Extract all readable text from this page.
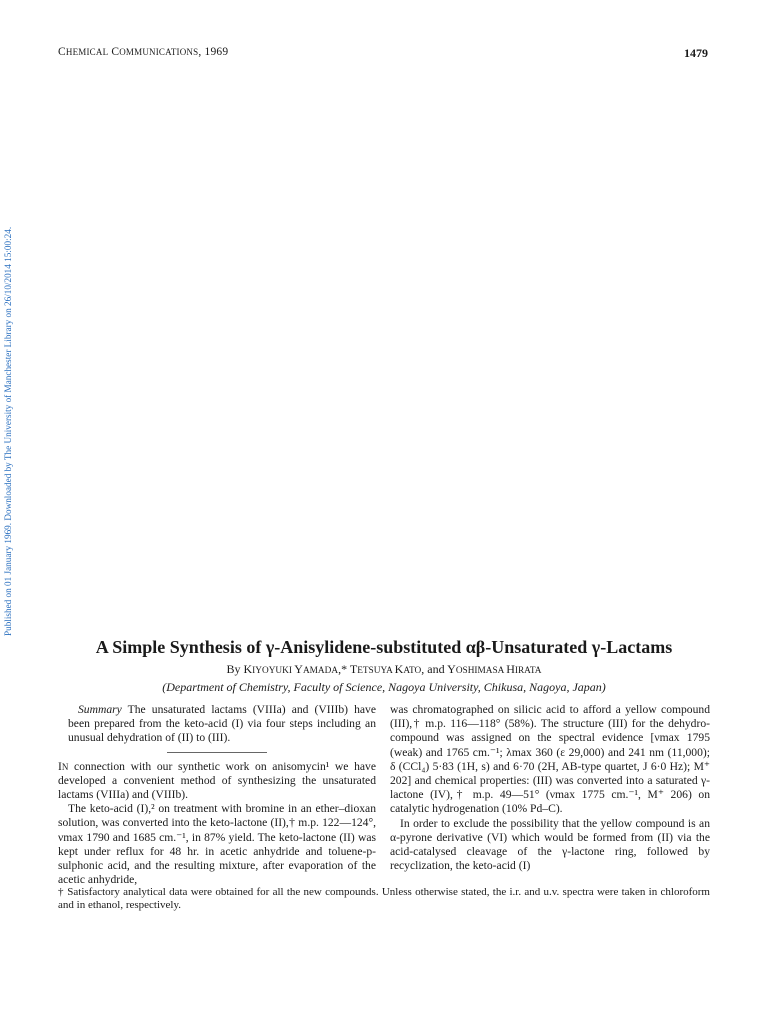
CHEMICAL COMMUNICATIONS, 1969	1479
Published on 01 January 1969. Downloaded by The University of Manchester Library on 26/10/2014 15:00:24.
A Simple Synthesis of γ-Anisylidene-substituted αβ-Unsaturated γ-Lactams
By KIYOYUKI YAMADA,* TETSUYA KATO, and YOSHIMASA HIRATA
(Department of Chemistry, Faculty of Science, Nagoya University, Chikusa, Nagoya, Japan)

Summary The unsaturated lactams (VIIIa) and (VIIIb) have been prepared from the keto-acid (I) via four steps including an unusual dehydration of (II) to (III).

IN connection with our synthetic work on anisomycin¹ we have developed a convenient method of synthesizing the unsaturated lactams (VIIIa) and (VIIIb).

The keto-acid (I),² on treatment with bromine in an ether–dioxan solution, was converted into the keto-lactone (II),† m.p. 122—124°, νmax 1790 and 1685 cm.⁻¹, in 87% yield. The keto-lactone (II) was kept under reflux for 48 hr. in acetic anhydride and toluene-p-sulphonic acid, and the resulting mixture, after evaporation of the acetic anhydride,

was chromatographed on silicic acid to afford a yellow compound (III),† m.p. 116—118° (58%). The structure (III) for the dehydro-compound was assigned on the spectral evidence [νmax 1795 (weak) and 1765 cm.⁻¹; λmax 360 (ε 29,000) and 241 nm (11,000); δ (CCl₄) 5·83 (1H, s) and 6·70 (2H, AB-type quartet, J 6·0 Hz); M⁺ 202] and chemical properties: (III) was converted into a saturated γ-lactone (IV),† m.p. 49—51° (νmax 1775 cm.⁻¹, M⁺ 206) on catalytic hydrogenation (10% Pd–C).

In order to exclude the possibility that the yellow compound is an α-pyrone derivative (VI) which would be formed from (II) via the acid-catalysed cleavage of the γ-lactone ring, followed by recyclization, the keto-acid (I)

† Satisfactory analytical data were obtained for all the new compounds. Unless otherwise stated, the i.r. and u.v. spectra were taken in chloroform and in ethanol, respectively.
